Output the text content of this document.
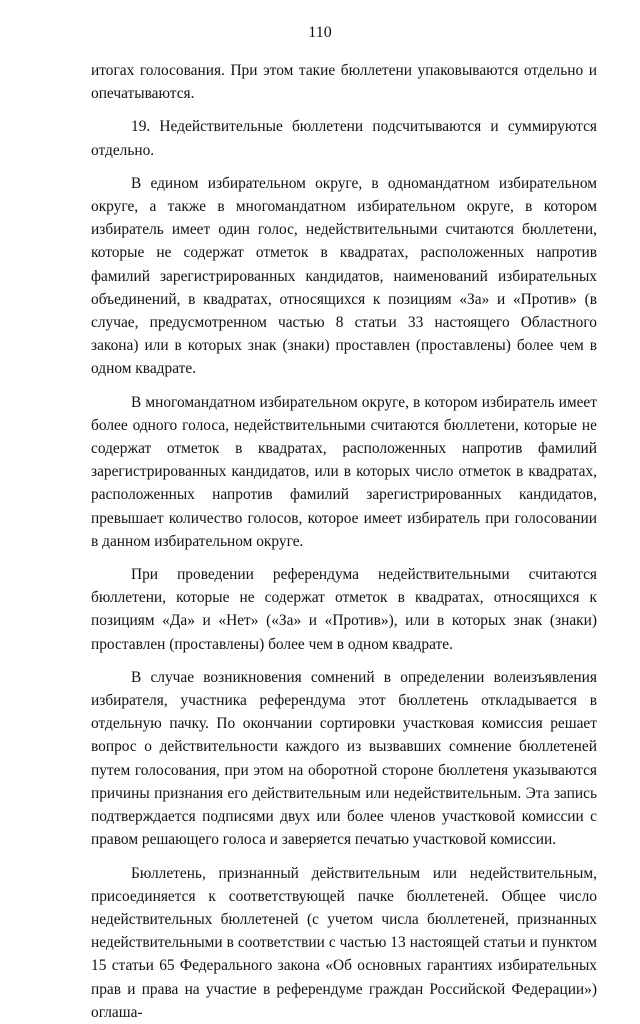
110

итогах голосования. При этом такие бюллетени упаковываются отдельно и опечатываются.

19. Недействительные бюллетени подсчитываются и суммируются отдельно.

В едином избирательном округе, в одномандатном избирательном округе, а также в многомандатном избирательном округе, в котором избиратель имеет один голос, недействительными считаются бюллетени, которые не содержат отметок в квадратах, расположенных напротив фамилий зарегистрированных кандидатов, наименований избирательных объединений, в квадратах, относящихся к позициям «За» и «Против» (в случае, предусмотренном частью 8 статьи 33 настоящего Областного закона) или в которых знак (знаки) проставлен (проставлены) более чем в одном квадрате.

В многомандатном избирательном округе, в котором избиратель имеет более одного голоса, недействительными считаются бюллетени, которые не содержат отметок в квадратах, расположенных напротив фамилий зарегистрированных кандидатов, или в которых число отметок в квадратах, расположенных напротив фамилий зарегистрированных кандидатов, превышает количество голосов, которое имеет избиратель при голосовании в данном избирательном округе.

При проведении референдума недействительными считаются бюллетени, которые не содержат отметок в квадратах, относящихся к позициям «Да» и «Нет» («За» и «Против»), или в которых знак (знаки) проставлен (проставлены) более чем в одном квадрате.

В случае возникновения сомнений в определении волеизъявления избирателя, участника референдума этот бюллетень откладывается в отдельную пачку. По окончании сортировки участковая комиссия решает вопрос о действительности каждого из вызвавших сомнение бюллетеней путем голосования, при этом на оборотной стороне бюллетеня указываются причины признания его действительным или недействительным. Эта запись подтверждается подписями двух или более членов участковой комиссии с правом решающего голоса и заверяется печатью участковой комиссии.

Бюллетень, признанный действительным или недействительным, присоединяется к соответствующей пачке бюллетеней. Общее число недействительных бюллетеней (с учетом числа бюллетеней, признанных недействительными в соответствии с частью 13 настоящей статьи и пунктом 15 статьи 65 Федерального закона «Об основных гарантиях избирательных прав и права на участие в референдуме граждан Российской Федерации») оглаша-
